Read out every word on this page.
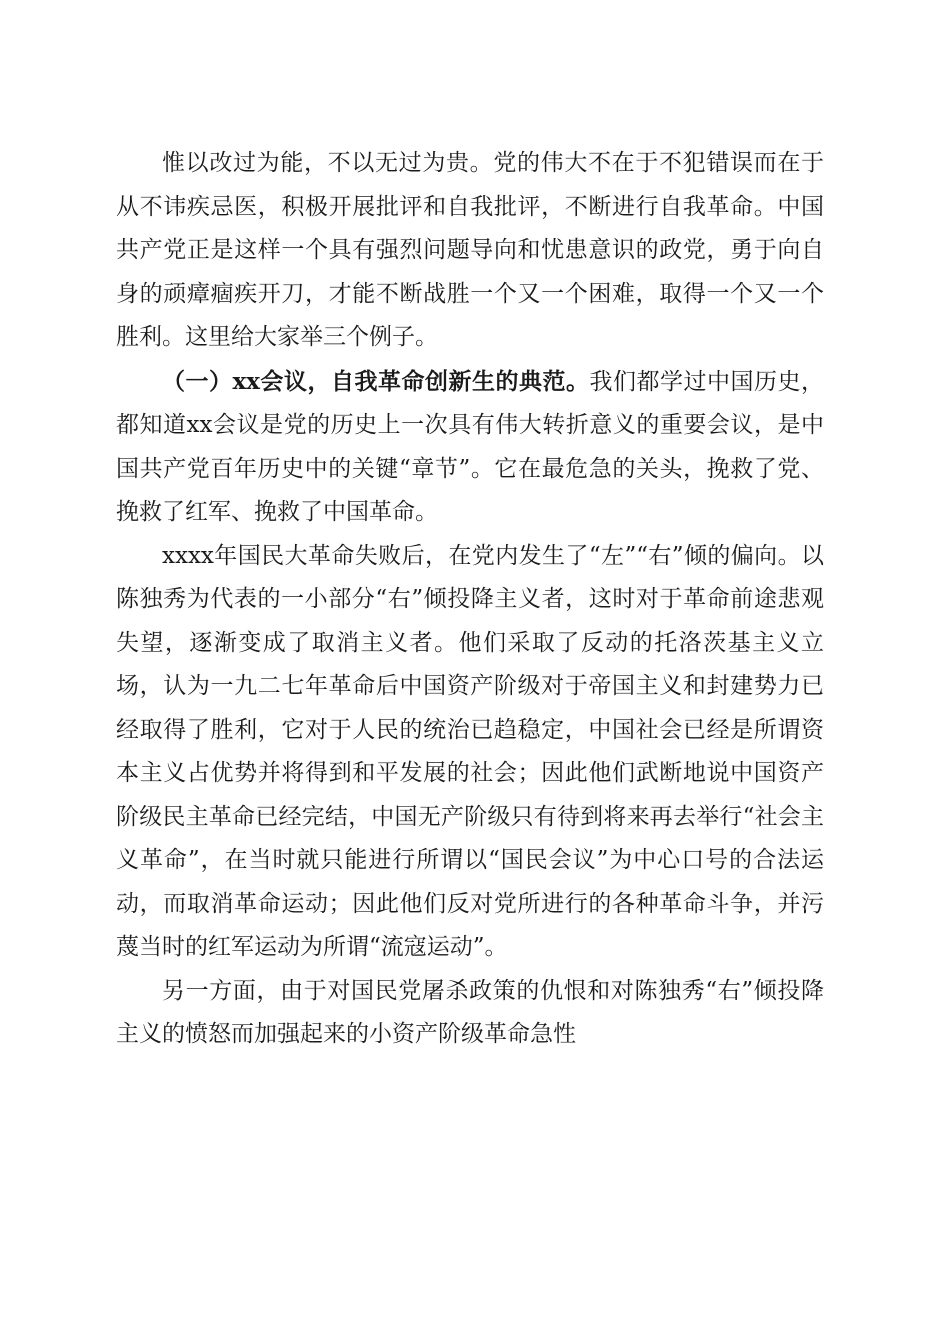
惟以改过为能，不以无过为贵。党的伟大不在于不犯错误而在于从不讳疾忌医，积极开展批评和自我批评，不断进行自我革命。中国共产党正是这样一个具有强烈问题导向和忧患意识的政党，勇于向自身的顽瘴痼疾开刀，才能不断战胜一个又一个困难，取得一个又一个胜利。这里给大家举三个例子。

（一）xx会议，自我革命创新生的典范。我们都学过中国历史，都知道xx会议是党的历史上一次具有伟大转折意义的重要会议，是中国共产党百年历史中的关键“章节”。它在最危急的关头，挽救了党、挽救了红军、挽救了中国革命。

xxxx年国民大革命失败后，在党内发生了“左”“右”倾的偏向。以陈独秀为代表的一小部分“右”倾投降主义者，这时对于革命前途悲观失望，逐渐变成了取消主义者。他们采取了反动的托洛茨基主义立场，认为一九二七年革命后中国资产阶级对于帝国主义和封建势力已经取得了胜利，它对于人民的统治已趋稳定，中国社会已经是所谓资本主义占优势并将得到和平发展的社会；因此他们武断地说中国资产阶级民主革命已经完结，中国无产阶级只有待到将来再去举行“社会主义革命”，在当时就只能进行所谓以“国民会议”为中心口号的合法运动，而取消革命运动；因此他们反对党所进行的各种革命斗争，并污蔑当时的红军运动为所谓“流寇运动”。

另一方面，由于对国民党屠杀政策的仇恨和对陈独秀“右”倾投降主义的愤怒而加强起来的小资产阶级革命急性
